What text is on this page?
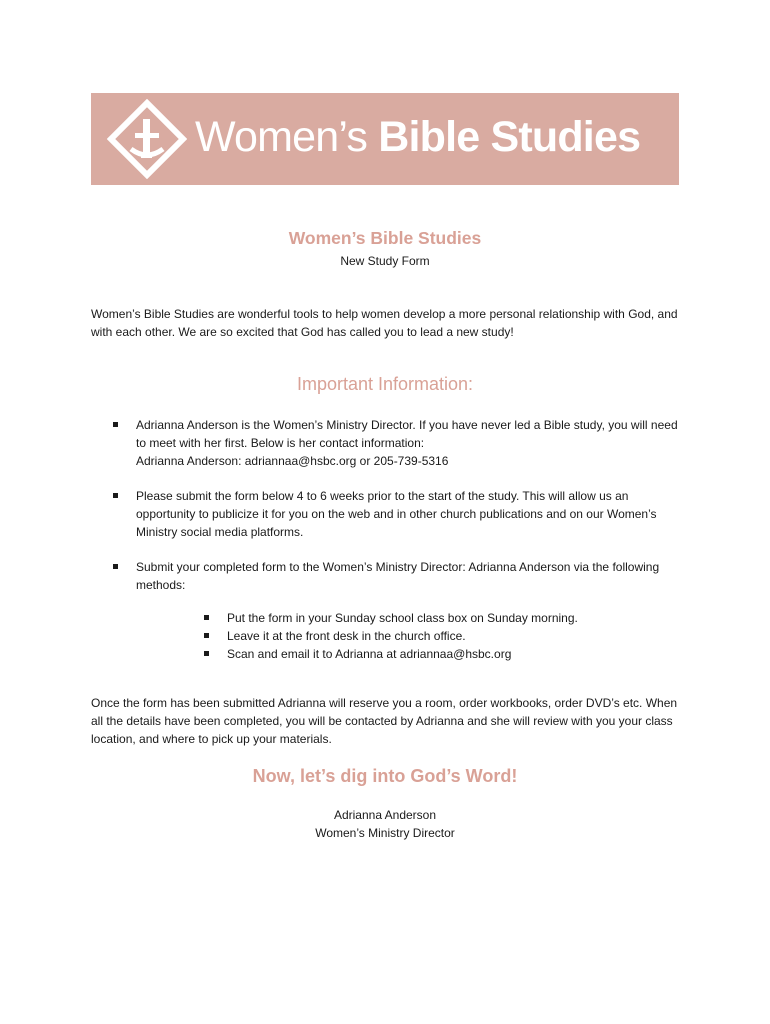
Women’s Bible Studies
Women’s Bible Studies
New Study Form
Women’s Bible Studies are wonderful tools to help women develop a more personal relationship with God, and with each other. We are so excited that God has called you to lead a new study!
Important Information:
Adrianna Anderson is the Women’s Ministry Director. If you have never led a Bible study, you will need to meet with her first. Below is her contact information:
Adrianna Anderson: adriannaa@hsbc.org or 205-739-5316
Please submit the form below 4 to 6 weeks prior to the start of the study. This will allow us an opportunity to publicize it for you on the web and in other church publications and on our Women’s Ministry social media platforms.
Submit your completed form to the Women’s Ministry Director: Adrianna Anderson via the following methods:
Put the form in your Sunday school class box on Sunday morning.
Leave it at the front desk in the church office.
Scan and email it to Adrianna at adriannaa@hsbc.org
Once the form has been submitted Adrianna will reserve you a room, order workbooks, order DVD’s etc. When all the details have been completed, you will be contacted by Adrianna and she will review with you your class location, and where to pick up your materials.
Now, let’s dig into God’s Word!
Adrianna Anderson
Women’s Ministry Director
